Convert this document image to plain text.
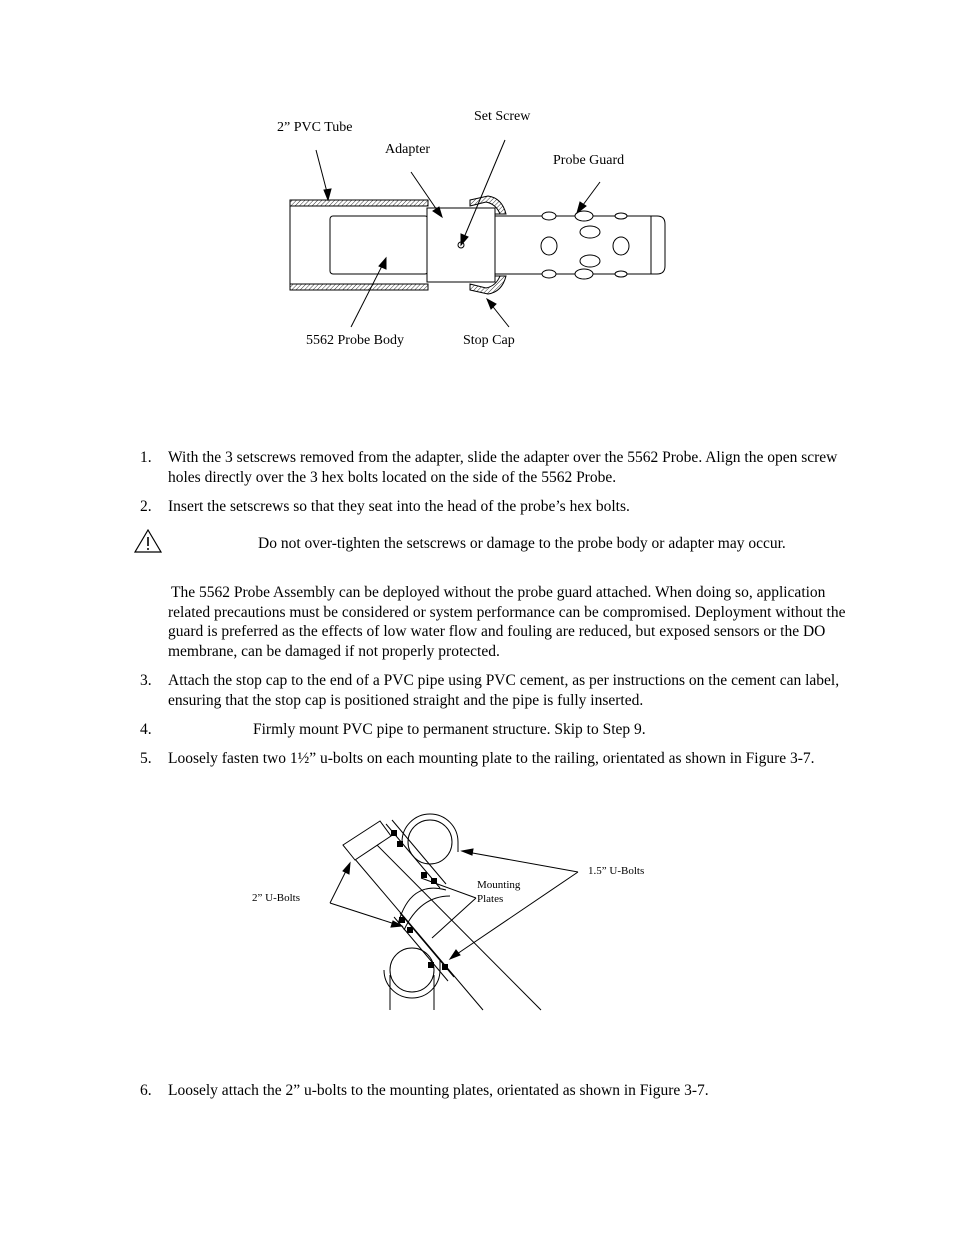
2” PVC Tube
Set Screw
Adapter
Probe Guard
5562 Probe Body	Stop Cap
1. With the 3 setscrews removed from the adapter, slide the adapter over the 5562 Probe. Align the open screw holes directly over the 3 hex bolts located on the side of the 5562 Probe.
2. Insert the setscrews so that they seat into the head of the probe’s hex bolts.
Do not over-tighten the setscrews or damage to the probe body or adapter may occur.
The 5562 Probe Assembly can be deployed without the probe guard attached. When doing so, application related precautions must be considered or system performance can be compromised. Deployment without the guard is preferred as the effects of low water flow and fouling are reduced, but exposed sensors or the DO membrane, can be damaged if not properly protected.
3. Attach the stop cap to the end of a PVC pipe using PVC cement, as per instructions on the cement can label, ensuring that the stop cap is positioned straight and the pipe is fully inserted.
4.	Firmly mount PVC pipe to permanent structure. Skip to Step 9.
5. Loosely fasten two 1½” u-bolts on each mounting plate to the railing, orientated as shown in Figure 3-7.
2” U-Bolts
Mounting
Plates
1.5” U-Bolts
6. Loosely attach the 2” u-bolts to the mounting plates, orientated as shown in Figure 3-7.
